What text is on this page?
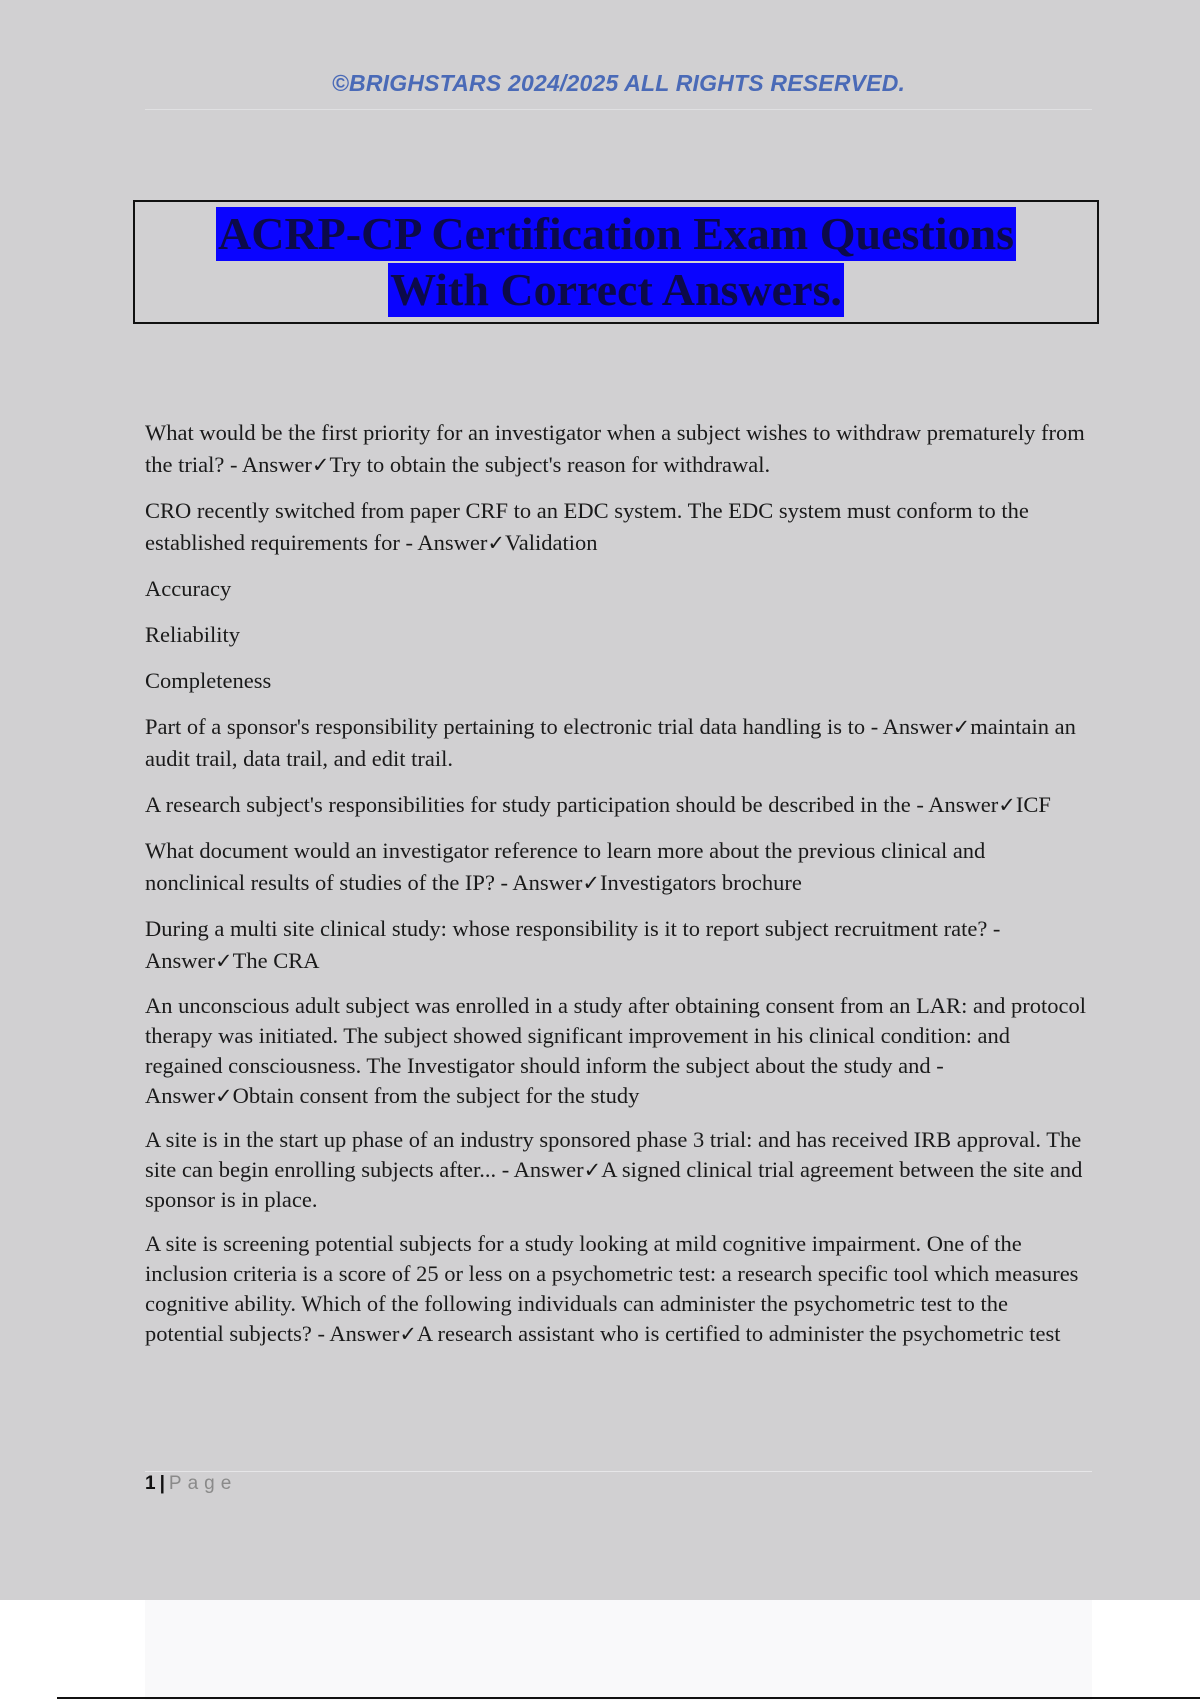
©BRIGHSTARS 2024/2025 ALL RIGHTS RESERVED.
ACRP-CP Certification Exam Questions
With Correct Answers.

What would be the first priority for an investigator when a subject wishes to withdraw prematurely from the trial? - Answer✓Try to obtain the subject's reason for withdrawal.

CRO recently switched from paper CRF to an EDC system. The EDC system must conform to the established requirements for - Answer✓Validation

Accuracy

Reliability

Completeness

Part of a sponsor's responsibility pertaining to electronic trial data handling is to - Answer✓maintain an audit trail, data trail, and edit trail.

A research subject's responsibilities for study participation should be described in the - Answer✓ICF

What document would an investigator reference to learn more about the previous clinical and nonclinical results of studies of the IP? - Answer✓Investigators brochure

During a multi site clinical study: whose responsibility is it to report subject recruitment rate? - Answer✓The CRA

An unconscious adult subject was enrolled in a study after obtaining consent from an LAR: and protocol therapy was initiated. The subject showed significant improvement in his clinical condition: and regained consciousness. The Investigator should inform the subject about the study and - Answer✓Obtain consent from the subject for the study

A site is in the start up phase of an industry sponsored phase 3 trial: and has received IRB approval. The site can begin enrolling subjects after... - Answer✓A signed clinical trial agreement between the site and sponsor is in place.

A site is screening potential subjects for a study looking at mild cognitive impairment. One of the inclusion criteria is a score of 25 or less on a psychometric test: a research specific tool which measures cognitive ability. Which of the following individuals can administer the psychometric test to the potential subjects? - Answer✓A research assistant who is certified to administer the psychometric test

1 | Page
